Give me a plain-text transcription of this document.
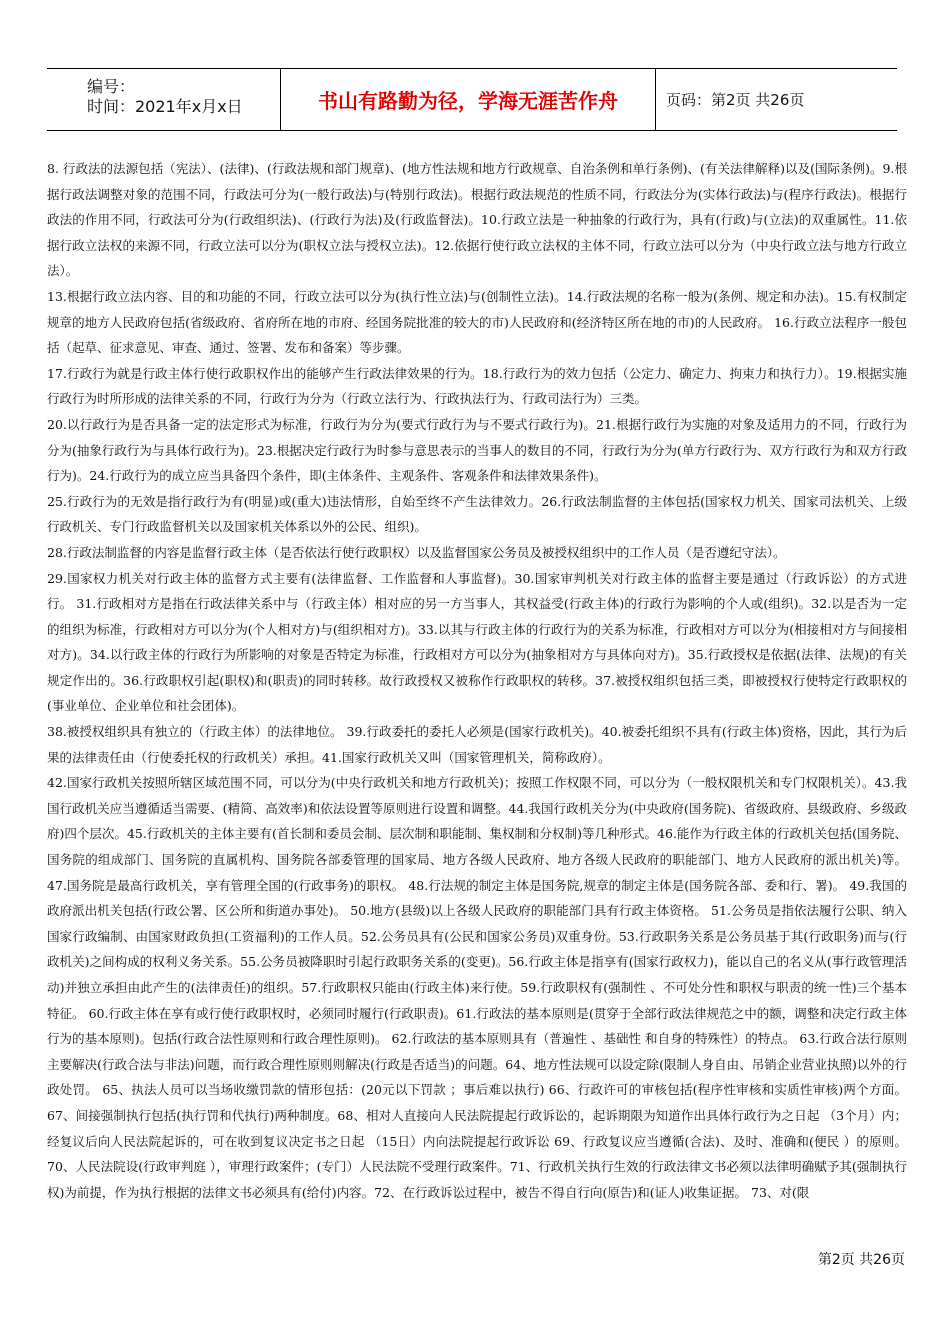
编号：
时间：2021年x月x日	书山有路勤为径，学海无涯苦作舟	页码：第2页 共26页

8. 行政法的法源包括（宪法）、(法律)、(行政法规和部门规章)、(地方性法规和地方行政规章、自治条例和单行条例)、(有关法律解释)以及(国际条例)。9.根据行政法调整对象的范围不同，行政法可分为(一般行政法)与(特别行政法)。根据行政法规范的性质不同，行政法分为(实体行政法)与(程序行政法)。根据行政法的作用不同，行政法可分为(行政组织法)、(行政行为法)及(行政监督法)。10.行政立法是一种抽象的行政行为，具有(行政)与(立法)的双重属性。11.依据行政立法权的来源不同，行政立法可以分为(职权立法与授权立法)。12.依据行使行政立法权的主体不同，行政立法可以分为（中央行政立法与地方行政立法）。

13.根据行政立法内容、目的和功能的不同，行政立法可以分为(执行性立法)与(创制性立法)。14.行政法规的名称一般为(条例、规定和办法)。15.有权制定规章的地方人民政府包括(省级政府、省府所在地的市府、经国务院批准的较大的市)人民政府和(经济特区所在地的市)的人民政府。 16.行政立法程序一般包括（起草、征求意见、审查、通过、签署、发布和备案）等步骤。

17.行政行为就是行政主体行使行政职权作出的能够产生行政法律效果的行为。18.行政行为的效力包括（公定力、确定力、拘束力和执行力）。19.根据实施行政行为时所形成的法律关系的不同，行政行为分为（行政立法行为、行政执法行为、行政司法行为）三类。

20.以行政行为是否具备一定的法定形式为标准，行政行为分为(要式行政行为与不要式行政行为)。21.根据行政行为实施的对象及适用力的不同，行政行为分为(抽象行政行为与具体行政行为)。23.根据决定行政行为时参与意思表示的当事人的数目的不同，行政行为分为(单方行政行为、双方行政行为和双方行政行为)。24.行政行为的成立应当具备四个条件，即(主体条件、主观条件、客观条件和法律效果条件)。

25.行政行为的无效是指行政行为有(明显)或(重大)违法情形，自始至终不产生法律效力。26.行政法制监督的主体包括(国家权力机关、国家司法机关、上级行政机关、专门行政监督机关以及国家机关体系以外的公民、组织)。

28.行政法制监督的内容是监督行政主体（是否依法行使行政职权）以及监督国家公务员及被授权组织中的工作人员（是否遵纪守法）。

29.国家权力机关对行政主体的监督方式主要有(法律监督、工作监督和人事监督)。30.国家审判机关对行政主体的监督主要是通过（行政诉讼）的方式进行。 31.行政相对方是指在行政法律关系中与（行政主体）相对应的另一方当事人，其权益受(行政主体)的行政行为影响的个人或(组织)。32.以是否为一定的组织为标准，行政相对方可以分为(个人相对方)与(组织相对方)。33.以其与行政主体的行政行为的关系为标准，行政相对方可以分为(相接相对方与间接相对方)。34.以行政主体的行政行为所影响的对象是否特定为标准，行政相对方可以分为(抽象相对方与具体向对方)。35.行政授权是依据(法律、法规)的有关规定作出的。36.行政职权引起(职权)和(职责)的同时转移。故行政授权又被称作行政职权的转移。37.被授权组织包括三类，即被授权行使特定行政职权的(事业单位、企业单位和社会团体)。

38.被授权组织具有独立的（行政主体）的法律地位。 39.行政委托的委托人必须是(国家行政机关)。40.被委托组织不具有(行政主体)资格，因此，其行为后果的法律责任由（行使委托权的行政机关）承担。41.国家行政机关又叫（国家管理机关，简称政府）。

42.国家行政机关按照所辖区域范围不同，可以分为(中央行政机关和地方行政机关)；按照工作权限不同，可以分为（一般权限机关和专门权限机关）。43.我国行政机关应当遵循适当需要、(精简、高效率)和依法设置等原则进行设置和调整。44.我国行政机关分为(中央政府(国务院)、省级政府、县级政府、乡级政府)四个层次。45.行政机关的主体主要有(首长制和委员会制、层次制和职能制、集权制和分权制)等几种形式。46.能作为行政主体的行政机关包括(国务院、国务院的组成部门、国务院的直属机构、国务院各部委管理的国家局、地方各级人民政府、地方各级人民政府的职能部门、地方人民政府的派出机关)等。47.国务院是最高行政机关，享有管理全国的(行政事务)的职权。 48.行法规的制定主体是国务院,规章的制定主体是(国务院各部、委和行、署)。 49.我国的政府派出机关包括(行政公署、区公所和街道办事处)。 50.地方(县级)以上各级人民政府的职能部门具有行政主体资格。 51.公务员是指依法履行公职、纳入国家行政编制、由国家财政负担(工资福利)的工作人员。52.公务员具有(公民和国家公务员)双重身份。53.行政职务关系是公务员基于其(行政职务)而与(行政机关)之间构成的权利义务关系。55.公务员被降职时引起行政职务关系的(变更)。56.行政主体是指享有(国家行政权力)，能以自己的名义从(事行政管理活动)并独立承担由此产生的(法律责任)的组织。57.行政职权只能由(行政主体)来行使。59.行政职权有(强制性 、不可处分性和职权与职责的统一性)三个基本特征。 60.行政主体在享有或行使行政职权时，必须同时履行(行政职责)。61.行政法的基本原则是(贯穿于全部行政法律规范之中的额，调整和决定行政主体行为的基本原则)。包括(行政合法性原则和行政合理性原则)。 62.行政法的基本原则具有（普遍性 、基础性 和自身的特殊性）的特点。 63.行政合法行原则主要解决(行政合法与非法)问题，而行政合理性原则则解决(行政是否适当)的问题。64、地方性法规可以设定除(限制人身自由、吊销企业营业执照)以外的行政处罚。 65、执法人员可以当场收缴罚款的情形包括：(20元以下罚款 ；事后难以执行) 66、行政许可的审核包括(程序性审核和实质性审核)两个方面。 67、间接强制执行包括(执行罚和代执行)两种制度。68、相对人直接向人民法院提起行政诉讼的，起诉期限为知道作出具体行政行为之日起 （3个月）内；经复议后向人民法院起诉的，可在收到复议决定书之日起 （15日）内向法院提起行政诉讼 69、行政复议应当遵循(合法)、及时、准确和(便民 ）的原则。 70、人民法院设(行政审判庭 ），审理行政案件；(专门）人民法院不受理行政案件。71、行政机关执行生效的行政法律文书必须以法律明确赋予其(强制执行权)为前提，作为执行根据的法律文书必须具有(给付)内容。72、在行政诉讼过程中，被告不得自行向(原告)和(证人)收集证据。 73、对(限

第2页 共26页
